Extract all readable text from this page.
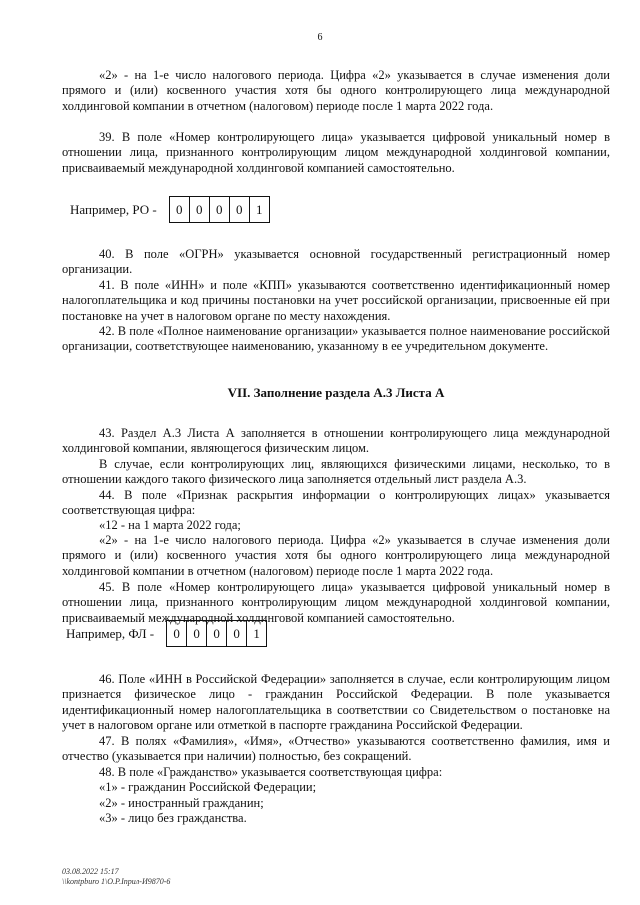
6

«2» - на 1-е число налогового периода. Цифра «2» указывается в случае изменения доли прямого и (или) косвенного участия хотя бы одного контролирующего лица международной холдинговой компании в отчетном (налоговом) периоде после 1 марта 2022 года.

39. В поле «Номер контролирующего лица» указывается цифровой уникальный номер в отношении лица, признанного контролирующим лицом международной холдинговой компании, присваиваемый международной холдинговой компанией самостоятельно.

Например, РО -	0	0	0	0	1

40. В поле «ОГРН» указывается основной государственный регистрационный номер организации.

41. В поле «ИНН» и поле «КПП» указываются соответственно идентификационный номер налогоплательщика и код причины постановки на учет российской организации, присвоенные ей при постановке на учет в налоговом органе по месту нахождения.

42. В поле «Полное наименование организации» указывается полное наименование российской организации, соответствующее наименованию, указанному в ее учредительном документе.

VII. Заполнение раздела А.3 Листа А

43. Раздел А.3 Листа А заполняется в отношении контролирующего лица международной холдинговой компании, являющегося физическим лицом.

В случае, если контролирующих лиц, являющихся физическими лицами, несколько, то в отношении каждого такого физического лица заполняется отдельный лист раздела А.3.

44. В поле «Признак раскрытия информации о контролирующих лицах» указывается соответствующая цифра:

«12 - на 1 марта 2022 года;

«2» - на 1-е число налогового периода. Цифра «2» указывается в случае изменения доли прямого и (или) косвенного участия хотя бы одного контролирующего лица международной холдинговой компании в отчетном (налоговом) периоде после 1 марта 2022 года.

45. В поле «Номер контролирующего лица» указывается цифровой уникальный номер в отношении лица, признанного контролирующим лицом международной холдинговой компании, присваиваемый международной холдинговой компанией самостоятельно.

Например, ФЛ -	0	0	0	0	1

46. Поле «ИНН в Российской Федерации» заполняется в случае, если контролирующим лицом признается физическое лицо - гражданин Российской Федерации. В поле указывается идентификационный номер налогоплательщика в соответствии со Свидетельством о постановке на учет в налоговом органе или отметкой в паспорте гражданина Российской Федерации.

47. В полях «Фамилия», «Имя», «Отчество» указываются соответственно фамилия, имя и отчество (указывается при наличии) полностью, без сокращений.

48. В поле «Гражданство» указывается соответствующая цифра:

«1» - гражданин Российской Федерации;

«2» - иностранный гражданин;

«3» - лицо без гражданства.

03.08.2022 15:17
\\kontpburo 1\О.Р.Іприл-И9870-6
